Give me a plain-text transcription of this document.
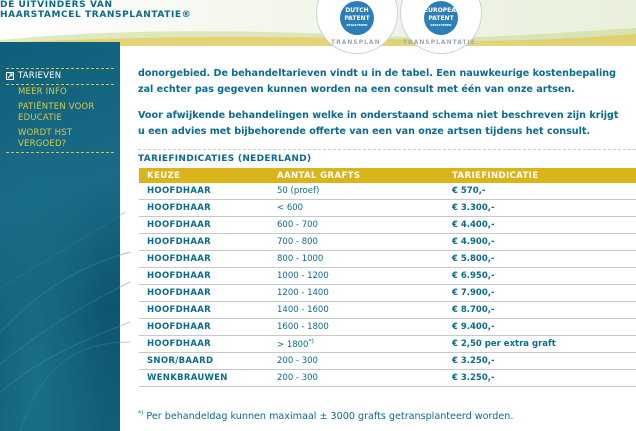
DE UITVINDERS VAN
HAARSTAMCEL TRANSPLANTATIE®	DUTCH
PATENT
REGISTERED
TRANSPLAN
EUROPEAN
PATENT
REGISTERED
TRANSPLANTATIE
TARIEVEN
MEER INFO
PATIËNTEN VOOR EDUCATIE
WORDT HST VERGOED?
donorgebied. De behandeltarieven vindt u in de tabel. Een nauwkeurige kostenbepaling
zal echter pas gegeven kunnen worden na een consult met één van onze artsen.
Voor afwijkende behandelingen welke in onderstaand schema niet beschreven zijn krijgt
u een advies met bijbehorende offerte van een van onze artsen tijdens het consult.
TARIEFINDICATIES (NEDERLAND)
KEUZE	AANTAL GRAFTS	TARIEFINDICATIE
HOOFDHAAR	50 (proef)	€ 570,-
HOOFDHAAR	< 600	€ 3.300,-
HOOFDHAAR	600 - 700	€ 4.400,-
HOOFDHAAR	700 - 800	€ 4.900,-
HOOFDHAAR	800 - 1000	€ 5.800,-
HOOFDHAAR	1000 - 1200	€ 6.950,-
HOOFDHAAR	1200 - 1400	€ 7.900,-
HOOFDHAAR	1400 - 1600	€ 8.700,-
HOOFDHAAR	1600 - 1800	€ 9.400,-
HOOFDHAAR	> 1800*)	€ 2,50 per extra graft
SNOR/BAARD	200 - 300	€ 3.250,-
WENKBRAUWEN	200 - 300	€ 3.250,-
*) Per behandeldag kunnen maximaal ± 3000 grafts getransplanteerd worden.
